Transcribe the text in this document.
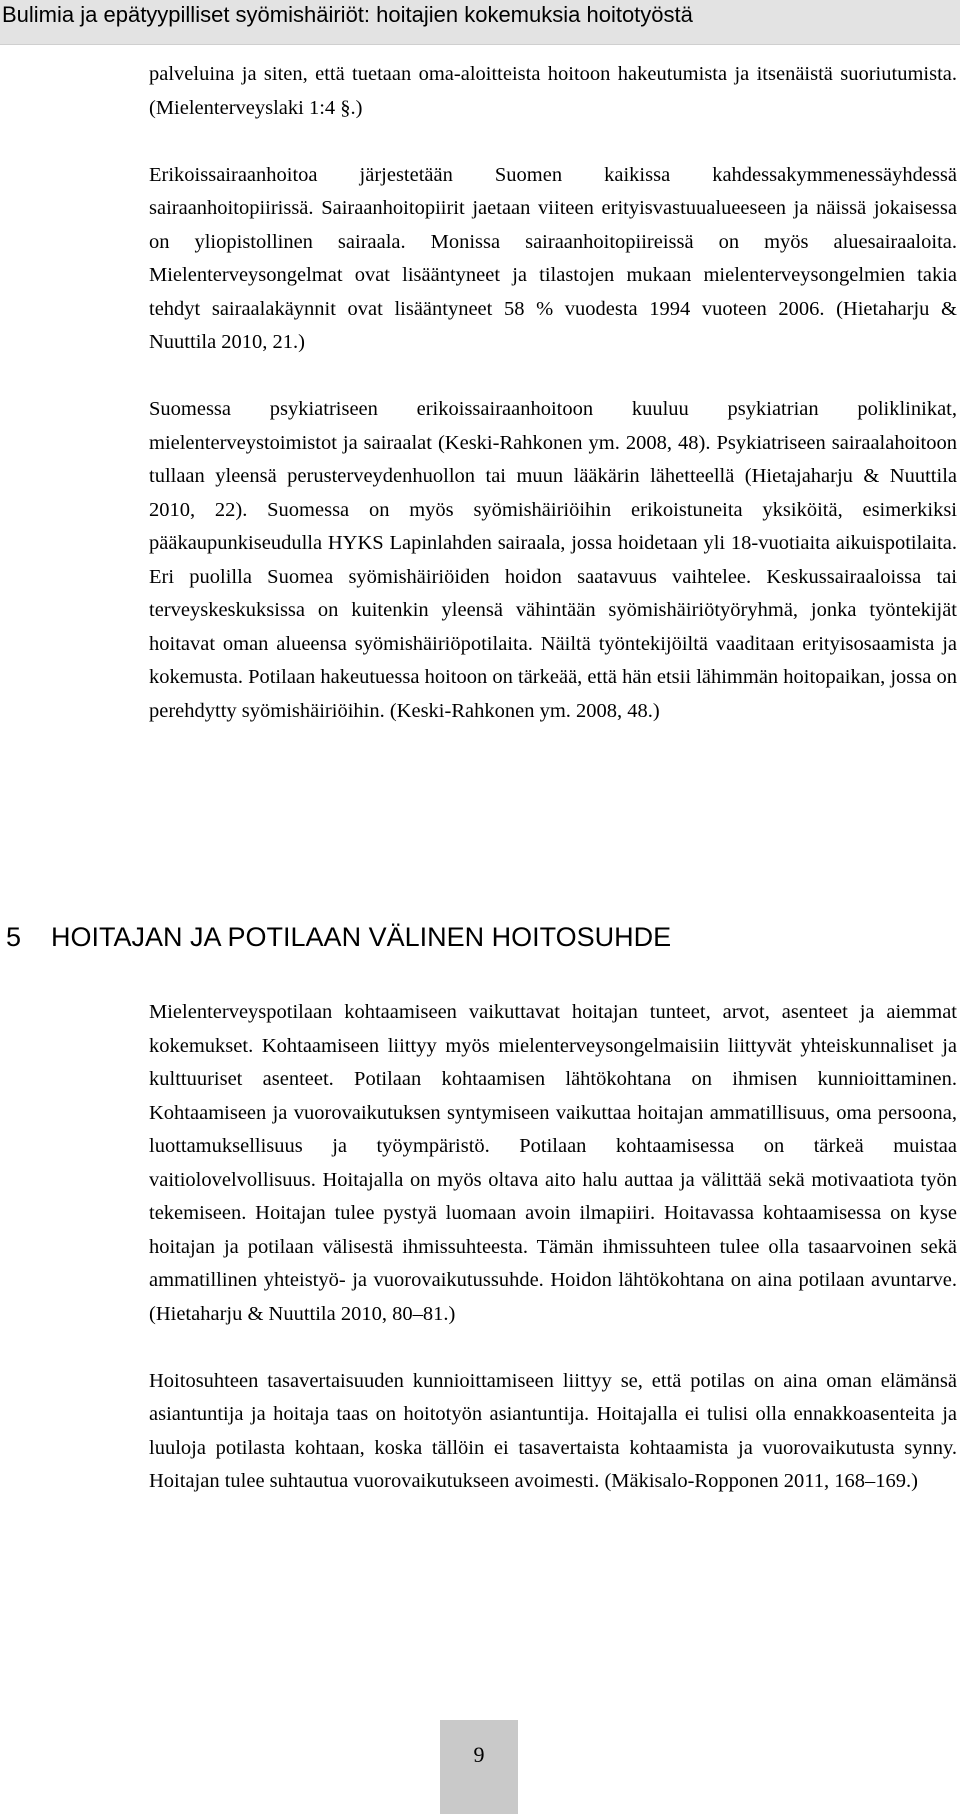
Bulimia ja epätyypilliset syömishäiriöt: hoitajien kokemuksia hoitotyöstä

palveluina ja siten, että tuetaan oma-aloitteista hoitoon hakeutumista ja itsenäistä suoriutumista. (Mielenterveyslaki 1:4 §.)

Erikoissairaanhoitoa järjestetään Suomen kaikissa kahdessakymmenessäyhdessä sairaanhoitopiirissä. Sairaanhoitopiirit jaetaan viiteen erityisvastuualueeseen ja näissä jokaisessa on yliopistollinen sairaala. Monissa sairaanhoitopiireissä on myös aluesairaaloita. Mielenterveysongelmat ovat lisääntyneet ja tilastojen mukaan mielenterveysongelmien takia tehdyt sairaalakäynnit ovat lisääntyneet 58 % vuodesta 1994 vuoteen 2006. (Hietaharju & Nuuttila 2010, 21.)

Suomessa psykiatriseen erikoissairaanhoitoon kuuluu psykiatrian poliklinikat, mielenterveystoimistot ja sairaalat (Keski-Rahkonen ym. 2008, 48). Psykiatriseen sairaalahoitoon tullaan yleensä perusterveydenhuollon tai muun lääkärin lähetteellä (Hietajaharju & Nuuttila 2010, 22). Suomessa on myös syömishäiriöihin erikoistuneita yksiköitä, esimerkiksi pääkaupunkiseudulla HYKS Lapinlahden sairaala, jossa hoidetaan yli 18-vuotiaita aikuispotilaita. Eri puolilla Suomea syömishäiriöiden hoidon saatavuus vaihtelee. Keskussairaaloissa tai terveyskeskuksissa on kuitenkin yleensä vähintään syömishäiriötyöryhmä, jonka työntekijät hoitavat oman alueensa syömishäiriöpotilaita. Näiltä työntekijöiltä vaaditaan erityisosaamista ja kokemusta. Potilaan hakeutuessa hoitoon on tärkeää, että hän etsii lähimmän hoitopaikan, jossa on perehdytty syömishäiriöihin. (Keski-Rahkonen ym. 2008, 48.)

5 HOITAJAN JA POTILAAN VÄLINEN HOITOSUHDE

Mielenterveyspotilaan kohtaamiseen vaikuttavat hoitajan tunteet, arvot, asenteet ja aiemmat kokemukset. Kohtaamiseen liittyy myös mielenterveysongelmaisiin liittyvät yhteiskunnaliset ja kulttuuriset asenteet. Potilaan kohtaamisen lähtökohtana on ihmisen kunnioittaminen. Kohtaamiseen ja vuorovaikutuksen syntymiseen vaikuttaa hoitajan ammatillisuus, oma persoona, luottamuksellisuus ja työympäristö. Potilaan kohtaamisessa on tärkeä muistaa vaitiolovelvollisuus. Hoitajalla on myös oltava aito halu auttaa ja välittää sekä motivaatiota työn tekemiseen. Hoitajan tulee pystyä luomaan avoin ilmapiiri. Hoitavassa kohtaamisessa on kyse hoitajan ja potilaan välisestä ihmissuhteesta. Tämän ihmissuhteen tulee olla tasaarvoinen sekä ammatillinen yhteistyö- ja vuorovaikutussuhde. Hoidon lähtökohtana on aina potilaan avuntarve. (Hietaharju & Nuuttila 2010, 80–81.)

Hoitosuhteen tasavertaisuuden kunnioittamiseen liittyy se, että potilas on aina oman elämänsä asiantuntija ja hoitaja taas on hoitotyön asiantuntija. Hoitajalla ei tulisi olla ennakkoasenteita ja luuloja potilasta kohtaan, koska tällöin ei tasavertaista kohtaamista ja vuorovaikutusta synny. Hoitajan tulee suhtautua vuorovaikutukseen avoimesti. (Mäkisalo-Ropponen 2011, 168–169.)

9
